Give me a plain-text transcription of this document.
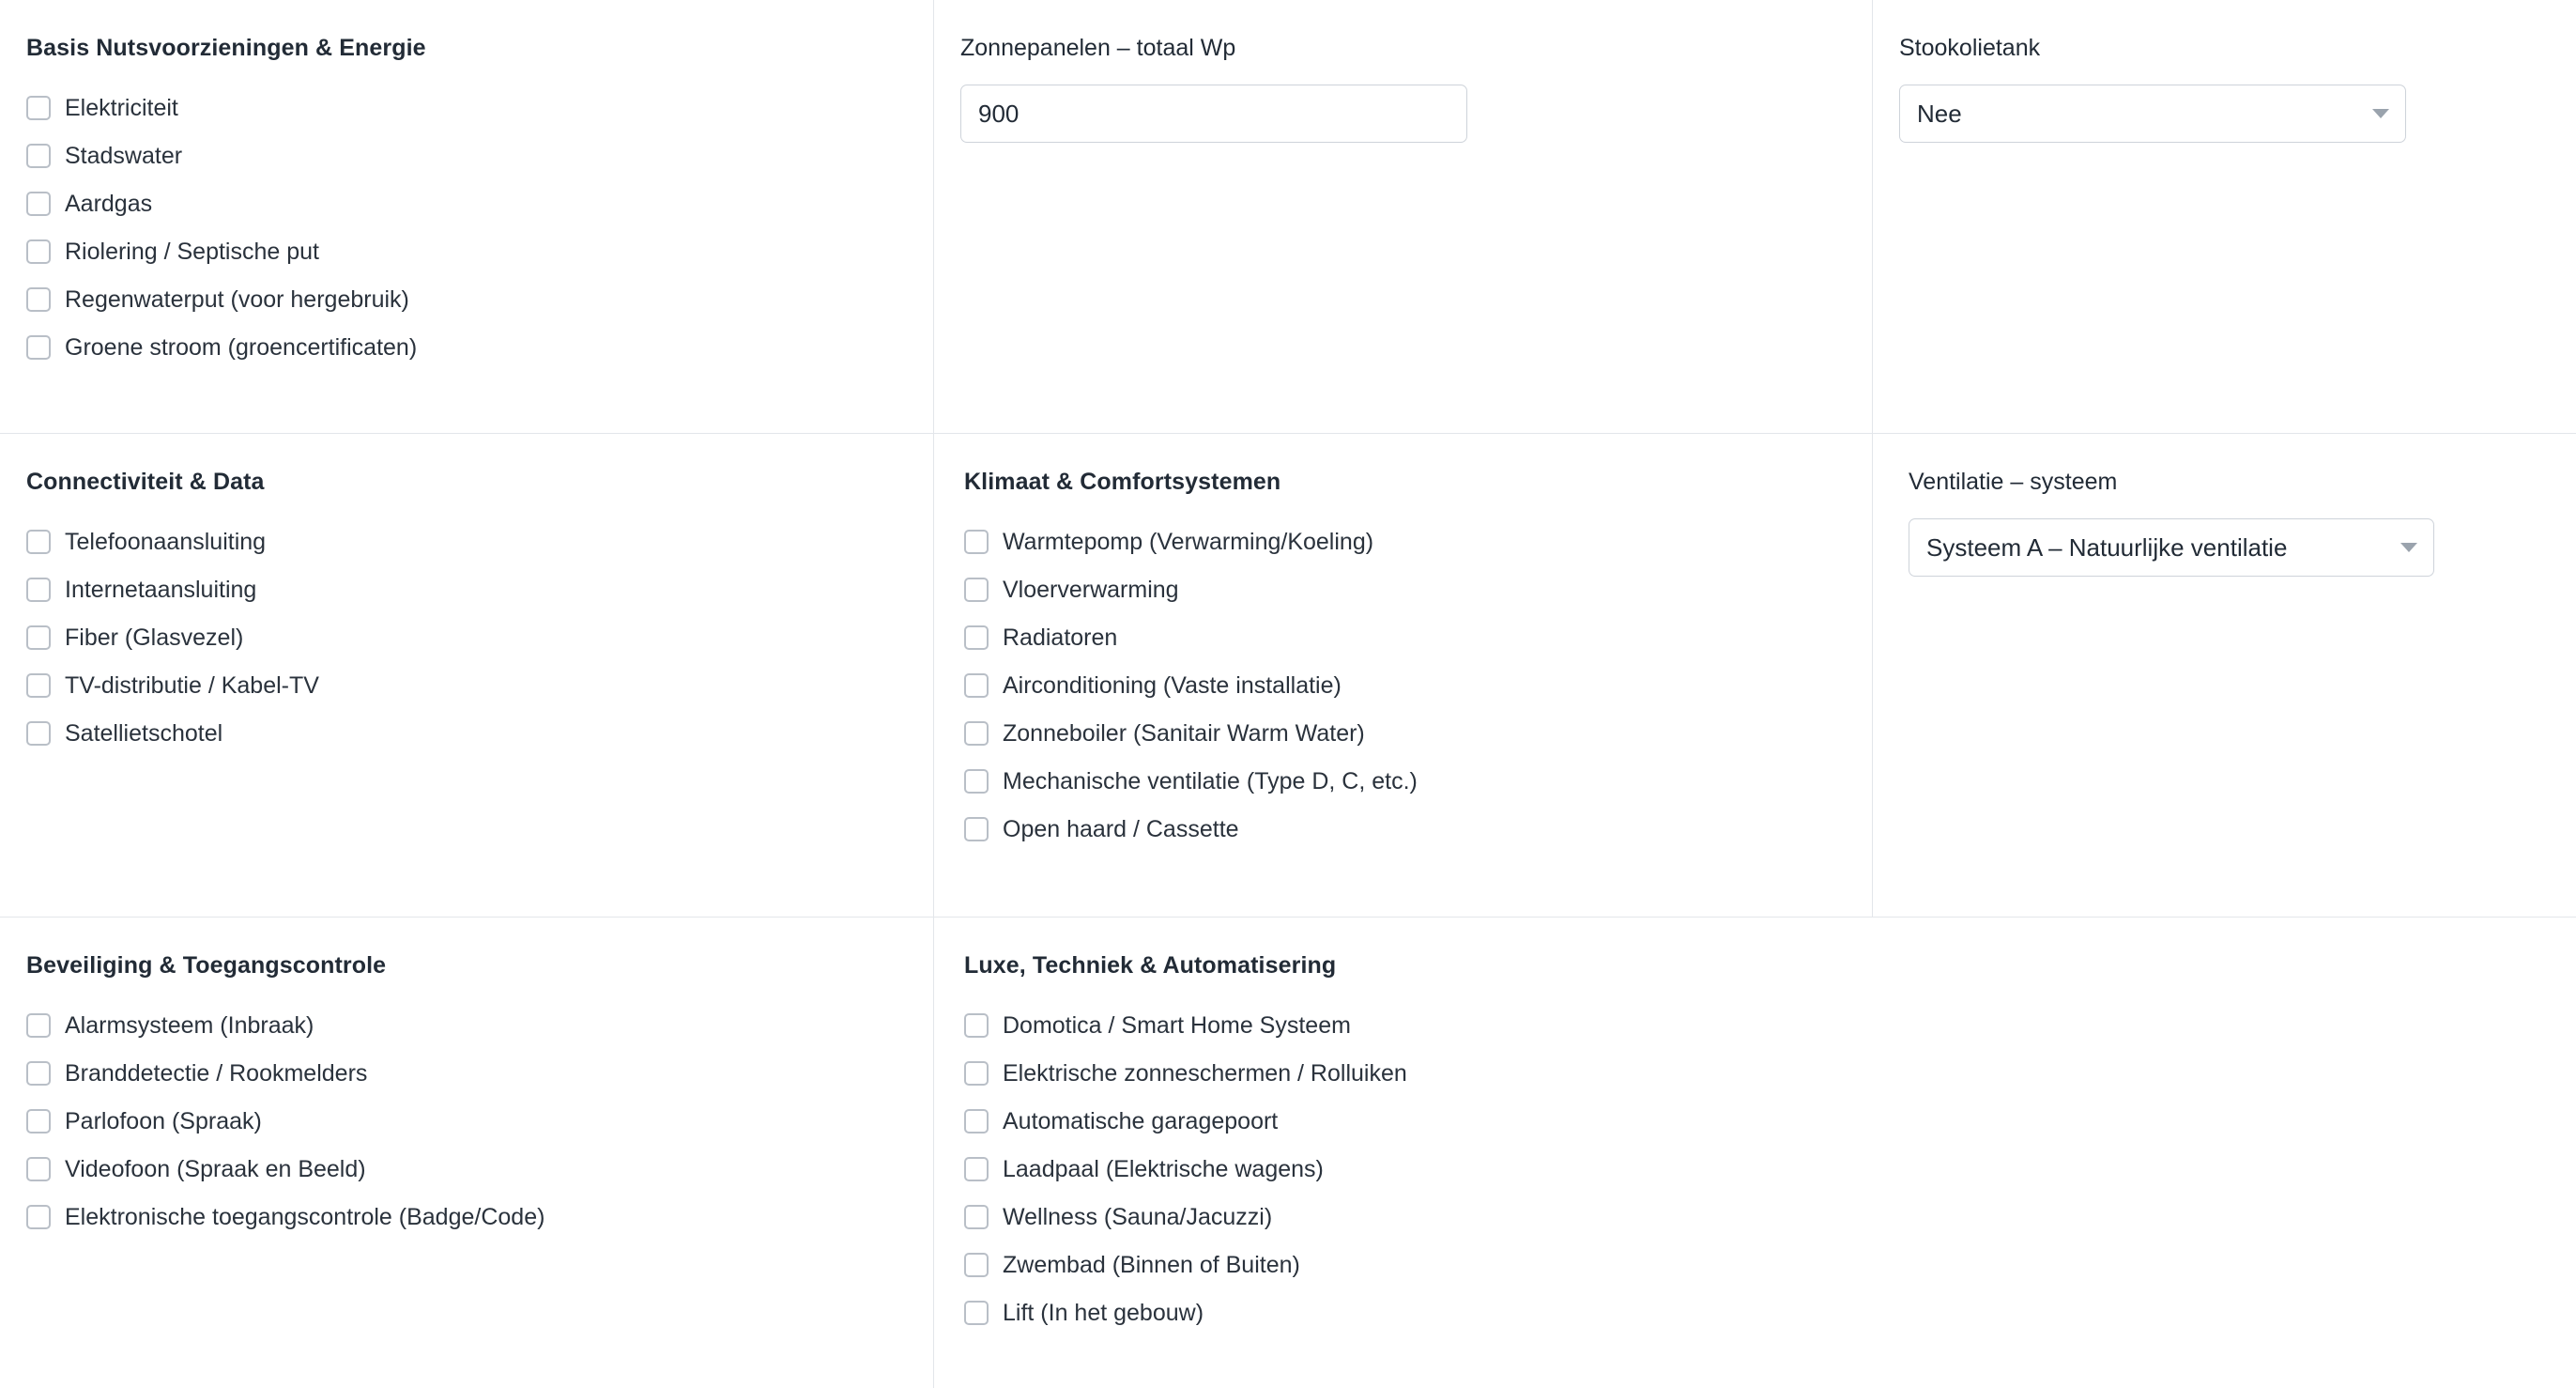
Basis Nutsvoorzieningen & Energie
Elektriciteit
Stadswater
Aardgas
Riolering / Septische put
Regenwaterput (voor hergebruik)
Groene stroom (groencertificaten)
Zonnepanelen – totaal Wp
900	Stookolietank
Nee
Connectiviteit & Data
Telefoonaansluiting
Internetaansluiting
Fiber (Glasvezel)
TV-distributie / Kabel-TV
Satellietschotel
Klimaat & Comfortsystemen
Warmtepomp (Verwarming/Koeling)
Vloerverwarming
Radiatoren
Airconditioning (Vaste installatie)
Zonneboiler (Sanitair Warm Water)
Mechanische ventilatie (Type D, C, etc.)
Open haard / Cassette
Ventilatie – systeem
Systeem A – Natuurlijke ventilatie
Beveiliging & Toegangscontrole
Alarmsysteem (Inbraak)
Branddetectie / Rookmelders
Parlofoon (Spraak)
Videofoon (Spraak en Beeld)
Elektronische toegangscontrole (Badge/Code)
Luxe, Techniek & Automatisering
Domotica / Smart Home Systeem
Elektrische zonneschermen / Rolluiken
Automatische garagepoort
Laadpaal (Elektrische wagens)
Wellness (Sauna/Jacuzzi)
Zwembad (Binnen of Buiten)
Lift (In het gebouw)
